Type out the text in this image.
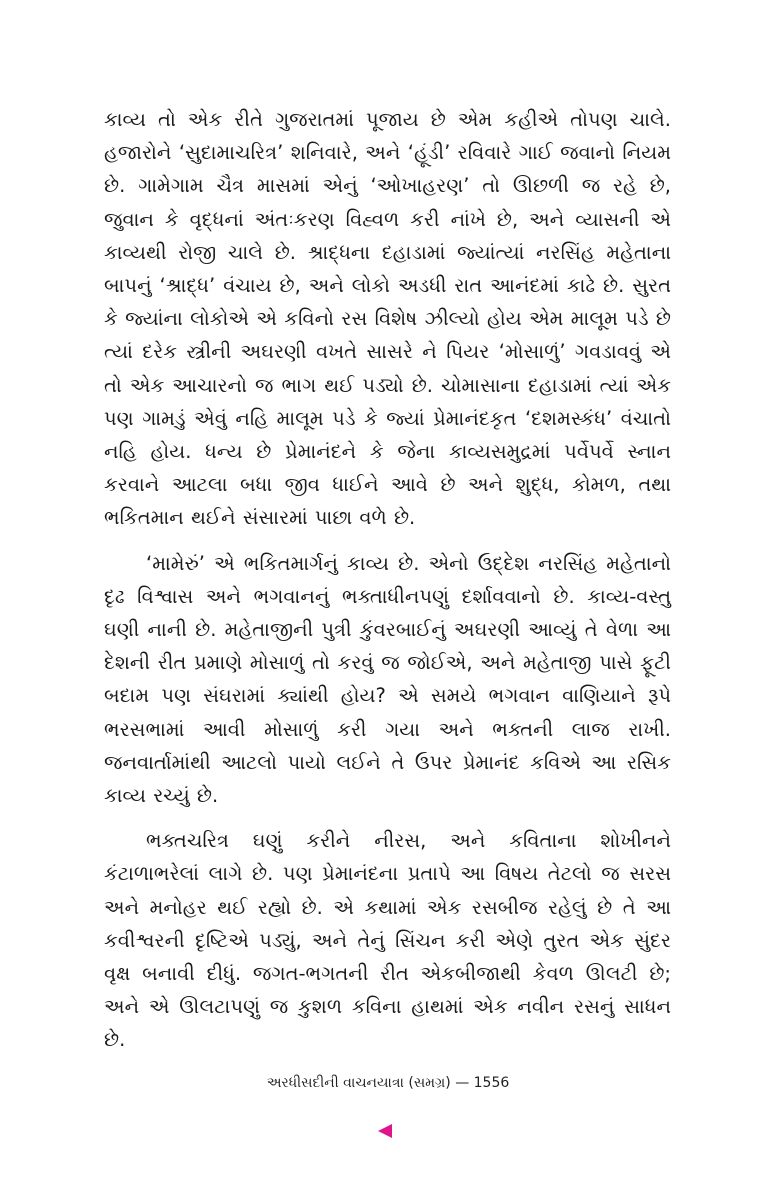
કાવ્ય તો એક રીતે ગુજરાતમાં પૂજાય છે એમ કહીએ તોપણ ચાલે. હજારોને ‘સુદામાચરિત્ર’ શનિવારે, અને ‘હૂંડી’ રવિવારે ગાઈ જવાનો નિયમ છે. ગામેગામ ચૈત્ર માસમાં એનું ‘ઓખાહરણ’ તો ઊછળી જ રહે છે, જુવાન કે વૃદ્ધનાં અંતઃકરણ વિહ્વળ કરી નાંખે છે, અને વ્યાસની એ કાવ્યથી રોજી ચાલે છે. શ્રાદ્ધના દહાડામાં જ્યાંત્યાં નરસિંહ મહેતાના બાપનું ‘શ્રાદ્ધ’ વંચાય છે, અને લોકો અડધી રાત આનંદમાં કાઢે છે. સુરત કે જ્યાંના લોકોએ એ કવિનો રસ વિશેષ ઝીલ્યો હોય એમ માલૂમ પડે છે ત્યાં દરેક સ્ત્રીની અઘરણી વખતે સાસરે ને પિયર ‘મોસાળું’ ગવડાવવું એ તો એક આચારનો જ ભાગ થઈ પડ્યો છે. ચોમાસાના દહાડામાં ત્યાં એક પણ ગામડું એવું નહિ માલૂમ પડે કે જ્યાં પ્રેમાનંદકૃત ‘દશમસ્કંધ’ વંચાતો નહિ હોય. ધન્ય છે પ્રેમાનંદને કે જેના કાવ્યસમુદ્રમાં પર્વેપર્વે સ્નાન કરવાને આટલા બધા જીવ ધાઈને આવે છે અને શુદ્ધ, કોમળ, તથા ભકિતમાન થઈને સંસારમાં પાછા વળે છે.

‘મામેરું’ એ ભકિતમાર્ગનું કાવ્ય છે. એનો ઉદ્દેશ નરસિંહ મહેતાનો દૃઢ વિશ્વાસ અને ભગવાનનું ભક્તાધીનપણું દર્શાવવાનો છે. કાવ્ય-વસ્તુ ઘણી નાની છે. મહેતાજીની પુત્રી કુંવરબાઈનું અઘરણી આવ્યું તે વેળા આ દેશની રીત પ્રમાણે મોસાળું તો કરવું જ જોઈએ, અને મહેતાજી પાસે ફૂટી બદામ પણ સંઘરામાં ક્યાંથી હોય? એ સમયે ભગવાન વાણિયાને રૂપે ભરસભામાં આવી મોસાળું કરી ગયા અને ભક્તની લાજ રાખી. જનવાર્તામાંથી આટલો પાયો લઈને તે ઉપર પ્રેમાનંદ કવિએ આ રસિક કાવ્ય રચ્યું છે.

ભક્તચરિત્ર ઘણું કરીને નીરસ, અને કવિતાના શોખીનને કંટાળાભરેલાં લાગે છે. પણ પ્રેમાનંદના પ્રતાપે આ વિષય તેટલો જ સરસ અને મનોહર થઈ રહ્યો છે. એ કથામાં એક રસબીજ રહેલું છે તે આ કવીશ્વરની દૃષ્ટિએ પડ્યું, અને તેનું સિંચન કરી એણે તુરત એક સુંદર વૃક્ષ બનાવી દીધું. જગત-ભગતની રીત એકબીજાથી કેવળ ઊલટી છે; અને એ ઊલટાપણું જ કુશળ કવિના હાથમાં એક નવીન રસનું સાધન છે.

અરધીસદીની વાચનયાત્રા (સમગ્ર) — 1556
